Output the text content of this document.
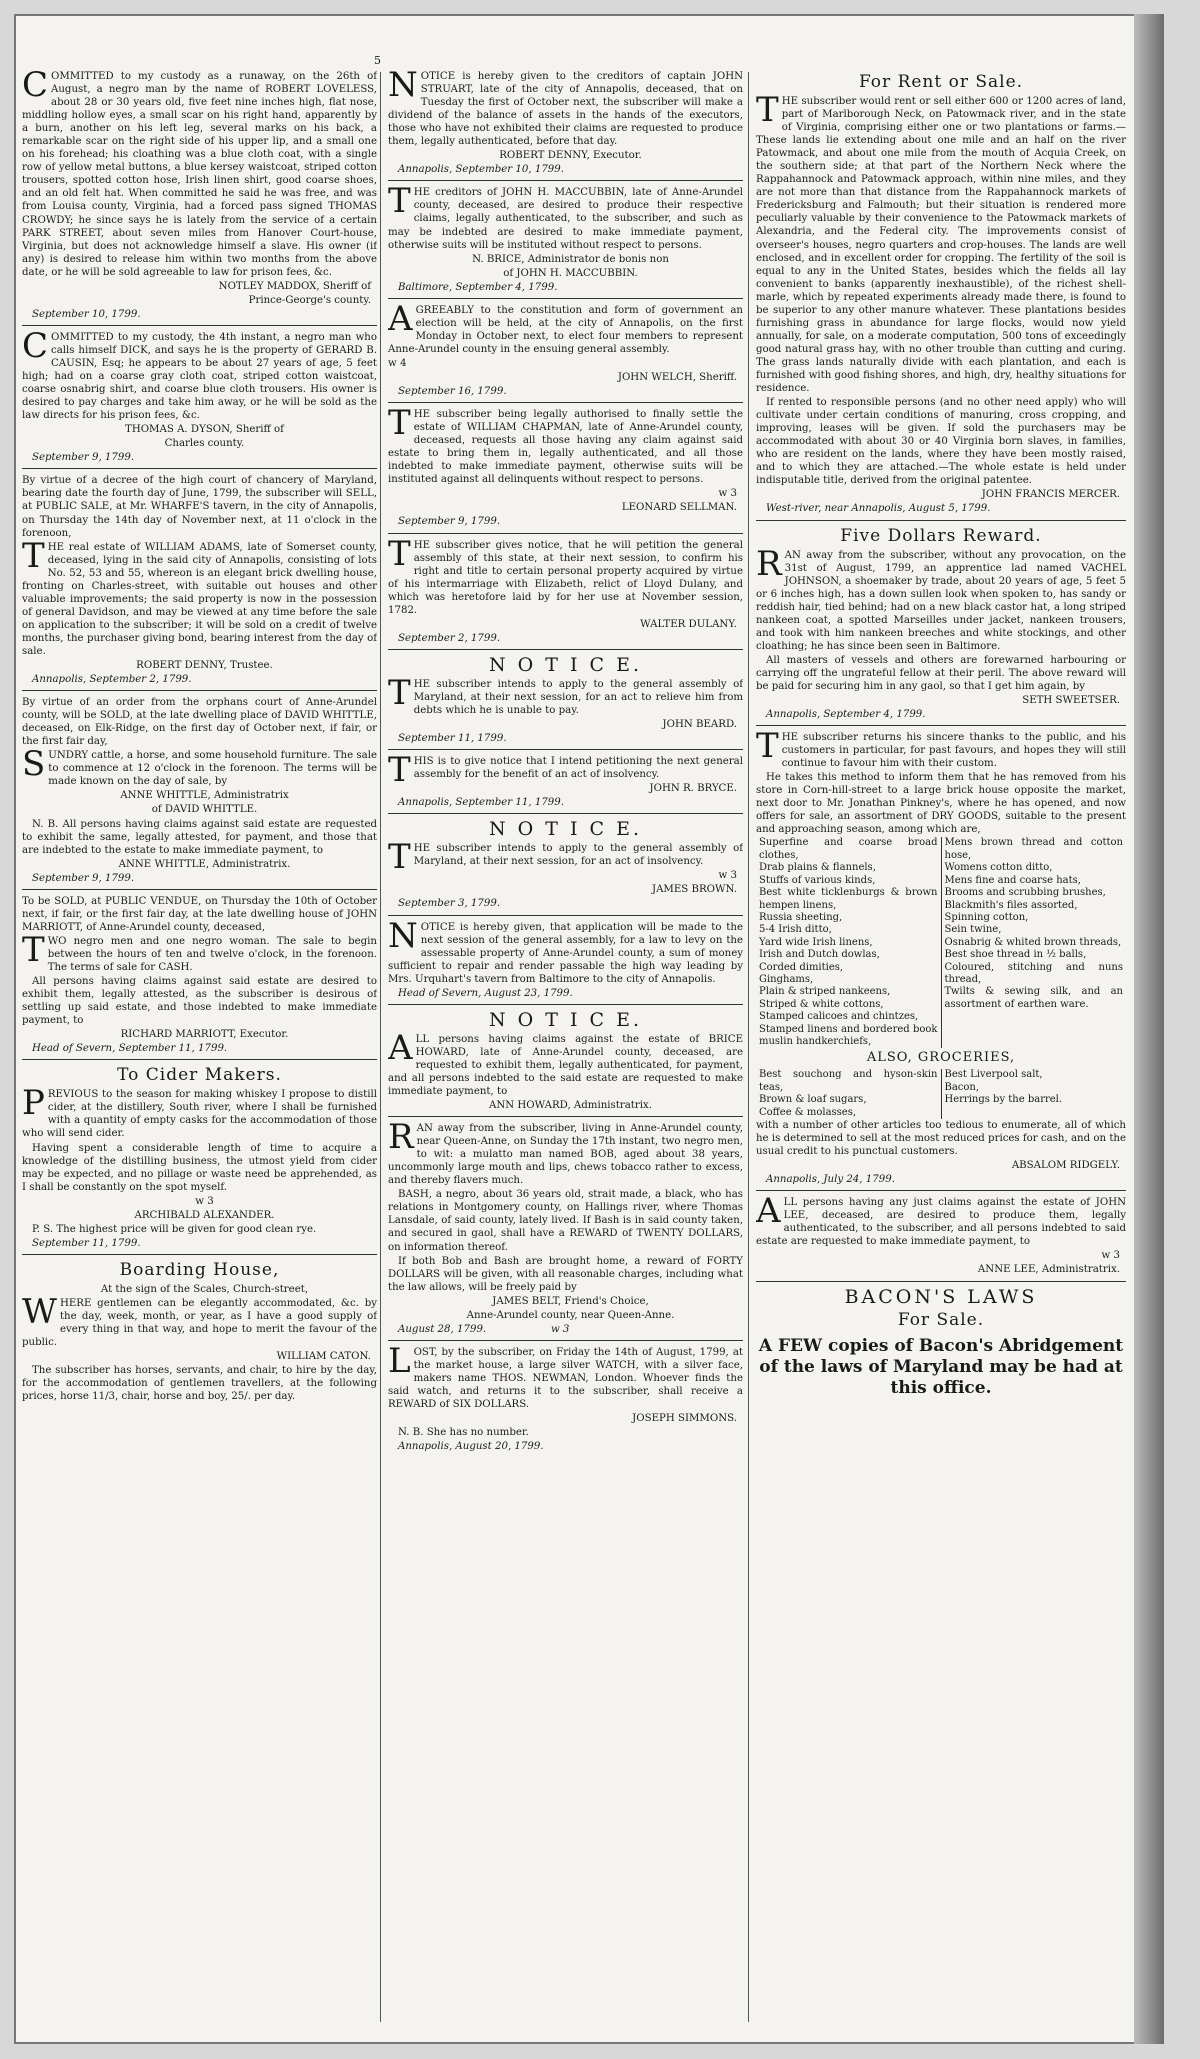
5

COMMITTED to my custody as a runaway, on the 26th of August, a negro man by the name of ROBERT LOVELESS, about 28 or 30 years old, five feet nine inches high, flat nose, middling hollow eyes, a small scar on his right hand, apparently by a burn, another on his left leg, several marks on his back, a remarkable scar on the right side of his upper lip, and a small one on his forehead; his cloathing was a blue cloth coat, with a single row of yellow metal buttons, a blue kersey waistcoat, striped cotton trousers, spotted cotton hose, Irish linen shirt, good coarse shoes, and an old felt hat. When committed he said he was free, and was from Louisa county, Virginia, had a forced pass signed THOMAS CROWDY; he since says he is lately from the service of a certain PARK STREET, about seven miles from Hanover Court-house, Virginia, but does not acknowledge himself a slave. His owner (if any) is desired to release him within two months from the above date, or he will be sold agreeable to law for prison fees, &c.

NOTLEY MADDOX, Sheriff of

Prince-George's county.

September 10, 1799.

COMMITTED to my custody, the 4th instant, a negro man who calls himself DICK, and says he is the property of GERARD B. CAUSIN, Esq; he appears to be about 27 years of age, 5 feet high; had on a coarse gray cloth coat, striped cotton waistcoat, coarse osnabrig shirt, and coarse blue cloth trousers. His owner is desired to pay charges and take him away, or he will be sold as the law directs for his prison fees, &c.

THOMAS A. DYSON, Sheriff of

Charles county.

September 9, 1799.

By virtue of a decree of the high court of chancery of Maryland, bearing date the fourth day of June, 1799, the subscriber will SELL, at PUBLIC SALE, at Mr. WHARFE'S tavern, in the city of Annapolis, on Thursday the 14th day of November next, at 11 o'clock in the forenoon,

THE real estate of WILLIAM ADAMS, late of Somerset county, deceased, lying in the said city of Annapolis, consisting of lots No. 52, 53 and 55, whereon is an elegant brick dwelling house, fronting on Charles-street, with suitable out houses and other valuable improvements; the said property is now in the possession of general Davidson, and may be viewed at any time before the sale on application to the subscriber; it will be sold on a credit of twelve months, the purchaser giving bond, bearing interest from the day of sale.

ROBERT DENNY, Trustee.

Annapolis, September 2, 1799.

By virtue of an order from the orphans court of Anne-Arundel county, will be SOLD, at the late dwelling place of DAVID WHITTLE, deceased, on Elk-Ridge, on the first day of October next, if fair, or the first fair day,

SUNDRY cattle, a horse, and some household furniture. The sale to commence at 12 o'clock in the forenoon. The terms will be made known on the day of sale, by

ANNE WHITTLE, Administratrix

of DAVID WHITTLE.

N. B. All persons having claims against said estate are requested to exhibit the same, legally attested, for payment, and those that are indebted to the estate to make immediate payment, to

ANNE WHITTLE, Administratrix.

September 9, 1799.

To be SOLD, at PUBLIC VENDUE, on Thursday the 10th of October next, if fair, or the first fair day, at the late dwelling house of JOHN MARRIOTT, of Anne-Arundel county, deceased,

TWO negro men and one negro woman. The sale to begin between the hours of ten and twelve o'clock, in the forenoon. The terms of sale for CASH.

All persons having claims against said estate are desired to exhibit them, legally attested, as the subscriber is desirous of settling up said estate, and those indebted to make immediate payment, to

RICHARD MARRIOTT, Executor.

Head of Severn, September 11, 1799.

To Cider Makers.

PREVIOUS to the season for making whiskey I propose to distill cider, at the distillery, South river, where I shall be furnished with a quantity of empty casks for the accommodation of those who will send cider.

Having spent a considerable length of time to acquire a knowledge of the distilling business, the utmost yield from cider may be expected, and no pillage or waste need be apprehended, as I shall be constantly on the spot myself.

w 3

ARCHIBALD ALEXANDER.

P. S. The highest price will be given for good clean rye.

September 11, 1799.

Boarding House,

At the sign of the Scales, Church-street,

WHERE gentlemen can be elegantly accommodated, &c. by the day, week, month, or year, as I have a good supply of every thing in that way, and hope to merit the favour of the public.

WILLIAM CATON.

The subscriber has horses, servants, and chair, to hire by the day, for the accommodation of gentlemen travellers, at the following prices, horse 11/3, chair, horse and boy, 25/. per day.

NOTICE is hereby given to the creditors of captain JOHN STRUART, late of the city of Annapolis, deceased, that on Tuesday the first of October next, the subscriber will make a dividend of the balance of assets in the hands of the executors, those who have not exhibited their claims are requested to produce them, legally authenticated, before that day.

ROBERT DENNY, Executor.

Annapolis, September 10, 1799.

THE creditors of JOHN H. MACCUBBIN, late of Anne-Arundel county, deceased, are desired to produce their respective claims, legally authenticated, to the subscriber, and such as may be indebted are desired to make immediate payment, otherwise suits will be instituted without respect to persons.

N. BRICE, Administrator de bonis non

of JOHN H. MACCUBBIN.

Baltimore, September 4, 1799.

AGREEABLY to the constitution and form of government an election will be held, at the city of Annapolis, on the first Monday in October next, to elect four members to represent Anne-Arundel county in the ensuing general assembly.

w 4

JOHN WELCH, Sheriff.

September 16, 1799.

THE subscriber being legally authorised to finally settle the estate of WILLIAM CHAPMAN, late of Anne-Arundel county, deceased, requests all those having any claim against said estate to bring them in, legally authenticated, and all those indebted to make immediate payment, otherwise suits will be instituted against all delinquents without respect to persons.

w 3

LEONARD SELLMAN.

September 9, 1799.

THE subscriber gives notice, that he will petition the general assembly of this state, at their next session, to confirm his right and title to certain personal property acquired by virtue of his intermarriage with Elizabeth, relict of Lloyd Dulany, and which was heretofore laid by for her use at November session, 1782.

WALTER DULANY.

September 2, 1799.

N O T I C E.

THE subscriber intends to apply to the general assembly of Maryland, at their next session, for an act to relieve him from debts which he is unable to pay.

JOHN BEARD.

September 11, 1799.

THIS is to give notice that I intend petitioning the next general assembly for the benefit of an act of insolvency.

JOHN R. BRYCE.

Annapolis, September 11, 1799.

N O T I C E.

THE subscriber intends to apply to the general assembly of Maryland, at their next session, for an act of insolvency.

w 3

JAMES BROWN.

September 3, 1799.

NOTICE is hereby given, that application will be made to the next session of the general assembly, for a law to levy on the assessable property of Anne-Arundel county, a sum of money sufficient to repair and render passable the high way leading by Mrs. Urquhart's tavern from Baltimore to the city of Annapolis.

Head of Severn, August 23, 1799.

N O T I C E.

ALL persons having claims against the estate of BRICE HOWARD, late of Anne-Arundel county, deceased, are requested to exhibit them, legally authenticated, for payment, and all persons indebted to the said estate are requested to make immediate payment, to

ANN HOWARD, Administratrix.

RAN away from the subscriber, living in Anne-Arundel county, near Queen-Anne, on Sunday the 17th instant, two negro men, to wit: a mulatto man named BOB, aged about 38 years, uncommonly large mouth and lips, chews tobacco rather to excess, and thereby flavers much.

BASH, a negro, about 36 years old, strait made, a black, who has relations in Montgomery county, on Hallings river, where Thomas Lansdale, of said county, lately lived. If Bash is in said county taken, and secured in gaol, shall have a REWARD of TWENTY DOLLARS, on information thereof.

If both Bob and Bash are brought home, a reward of FORTY DOLLARS will be given, with all reasonable charges, including what the law allows, will be freely paid by

JAMES BELT, Friend's Choice,

Anne-Arundel county, near Queen-Anne.

August 28, 1799.	w 3

LOST, by the subscriber, on Friday the 14th of August, 1799, at the market house, a large silver WATCH, with a silver face, makers name THOS. NEWMAN, London. Whoever finds the said watch, and returns it to the subscriber, shall receive a REWARD of SIX DOLLARS.

JOSEPH SIMMONS.

N. B. She has no number.

Annapolis, August 20, 1799.

For Rent or Sale.

THE subscriber would rent or sell either 600 or 1200 acres of land, part of Marlborough Neck, on Patowmack river, and in the state of Virginia, comprising either one or two plantations or farms.—These lands lie extending about one mile and an half on the river Patowmack, and about one mile from the mouth of Acquia Creek, on the southern side; at that part of the Northern Neck where the Rappahannock and Patowmack approach, within nine miles, and they are not more than that distance from the Rappahannock markets of Fredericksburg and Falmouth; but their situation is rendered more peculiarly valuable by their convenience to the Patowmack markets of Alexandria, and the Federal city. The improvements consist of overseer's houses, negro quarters and crop-houses. The lands are well enclosed, and in excellent order for cropping. The fertility of the soil is equal to any in the United States, besides which the fields all lay convenient to banks (apparently inexhaustible), of the richest shell-marle, which by repeated experiments already made there, is found to be superior to any other manure whatever. These plantations besides furnishing grass in abundance for large flocks, would now yield annually, for sale, on a moderate computation, 500 tons of exceedingly good natural grass hay, with no other trouble than cutting and curing. The grass lands naturally divide with each plantation, and each is furnished with good fishing shores, and high, dry, healthy situations for residence.

If rented to responsible persons (and no other need apply) who will cultivate under certain conditions of manuring, cross cropping, and improving, leases will be given. If sold the purchasers may be accommodated with about 30 or 40 Virginia born slaves, in families, who are resident on the lands, where they have been mostly raised, and to which they are attached.—The whole estate is held under indisputable title, derived from the original patentee.

JOHN FRANCIS MERCER.

West-river, near Annapolis, August 5, 1799.

Five Dollars Reward.

RAN away from the subscriber, without any provocation, on the 31st of August, 1799, an apprentice lad named VACHEL JOHNSON, a shoemaker by trade, about 20 years of age, 5 feet 5 or 6 inches high, has a down sullen look when spoken to, has sandy or reddish hair, tied behind; had on a new black castor hat, a long striped nankeen coat, a spotted Marseilles under jacket, nankeen trousers, and took with him nankeen breeches and white stockings, and other cloathing; he has since been seen in Baltimore.

All masters of vessels and others are forewarned harbouring or carrying off the ungrateful fellow at their peril. The above reward will be paid for securing him in any gaol, so that I get him again, by

SETH SWEETSER.

Annapolis, September 4, 1799.

THE subscriber returns his sincere thanks to the public, and his customers in particular, for past favours, and hopes they will still continue to favour him with their custom.

He takes this method to inform them that he has removed from his store in Corn-hill-street to a large brick house opposite the market, next door to Mr. Jonathan Pinkney's, where he has opened, and now offers for sale, an assortment of DRY GOODS, suitable to the present and approaching season, among which are,

Superfine and coarse broad clothes,
Drab plains & flannels,
Stuffs of various kinds,
Best white ticklenburgs & brown hempen linens,
Russia sheeting,
5-4 Irish ditto,
Yard wide Irish linens,
Irish and Dutch dowlas,
Corded dimities,
Ginghams,
Plain & striped nankeens,
Striped & white cottons,
Stamped calicoes and chintzes,
Stamped linens and bordered book muslin handkerchiefs,

Mens brown thread and cotton hose,
Womens cotton ditto,
Mens fine and coarse hats,
Brooms and scrubbing brushes,
Blackmith's files assorted,
Spinning cotton,
Sein twine,
Osnabrig & whited brown threads,
Best shoe thread in ½ balls,
Coloured, stitching and nuns thread,
Twilts & sewing silk, and an assortment of earthen ware.
ALSO, GROCERIES,
Best souchong and hyson-skin teas,
Brown & loaf sugars,
Coffee & molasses,

Best Liverpool salt,
Bacon,
Herrings by the barrel.

with a number of other articles too tedious to enumerate, all of which he is determined to sell at the most reduced prices for cash, and on the usual credit to his punctual customers.

ABSALOM RIDGELY.

Annapolis, July 24, 1799.

ALL persons having any just claims against the estate of JOHN LEE, deceased, are desired to produce them, legally authenticated, to the subscriber, and all persons indebted to said estate are requested to make immediate payment, to

w 3

ANNE LEE, Administratrix.

BACON'S LAWS
For Sale.
A FEW copies of Bacon's Abridgement of the laws of Maryland may be had at this office.
